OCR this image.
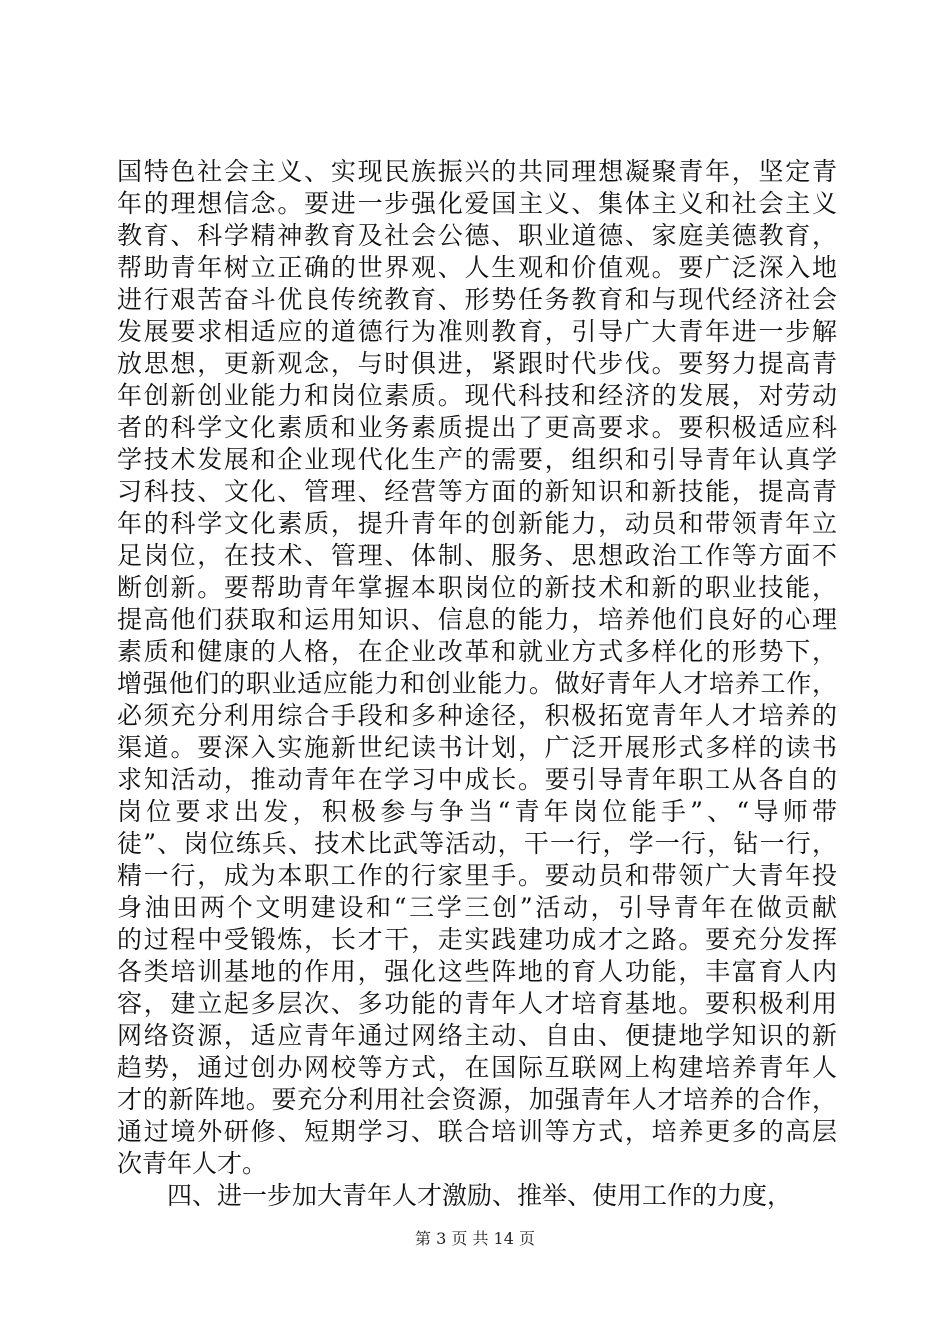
国特色社会主义、实现民族振兴的共同理想凝聚青年，坚定青
年的理想信念。要进一步强化爱国主义、集体主义和社会主义
教育、科学精神教育及社会公德、职业道德、家庭美德教育，
帮助青年树立正确的世界观、人生观和价值观。要广泛深入地
进行艰苦奋斗优良传统教育、形势任务教育和与现代经济社会
发展要求相适应的道德行为准则教育，引导广大青年进一步解
放思想，更新观念，与时俱进，紧跟时代步伐。要努力提高青
年创新创业能力和岗位素质。现代科技和经济的发展，对劳动
者的科学文化素质和业务素质提出了更高要求。要积极适应科
学技术发展和企业现代化生产的需要，组织和引导青年认真学
习科技、文化、管理、经营等方面的新知识和新技能，提高青
年的科学文化素质，提升青年的创新能力，动员和带领青年立
足岗位，在技术、管理、体制、服务、思想政治工作等方面不
断创新。要帮助青年掌握本职岗位的新技术和新的职业技能，
提高他们获取和运用知识、信息的能力，培养他们良好的心理
素质和健康的人格，在企业改革和就业方式多样化的形势下，
增强他们的职业适应能力和创业能力。做好青年人才培养工作，
必须充分利用综合手段和多种途径，积极拓宽青年人才培养的
渠道。要深入实施新世纪读书计划，广泛开展形式多样的读书
求知活动，推动青年在学习中成长。要引导青年职工从各自的
岗位要求出发，积极参与争当“青年岗位能手”、“导师带
徒”、岗位练兵、技术比武等活动，干一行，学一行，钻一行，
精一行，成为本职工作的行家里手。要动员和带领广大青年投
身油田两个文明建设和“三学三创”活动，引导青年在做贡献
的过程中受锻炼，长才干，走实践建功成才之路。要充分发挥
各类培训基地的作用，强化这些阵地的育人功能，丰富育人内
容，建立起多层次、多功能的青年人才培育基地。要积极利用
网络资源，适应青年通过网络主动、自由、便捷地学知识的新
趋势，通过创办网校等方式，在国际互联网上构建培养青年人
才的新阵地。要充分利用社会资源，加强青年人才培养的合作，
通过境外研修、短期学习、联合培训等方式，培养更多的高层
次青年人才。
四、进一步加大青年人才激励、推举、使用工作的力度，
第 3 页 共 14 页
